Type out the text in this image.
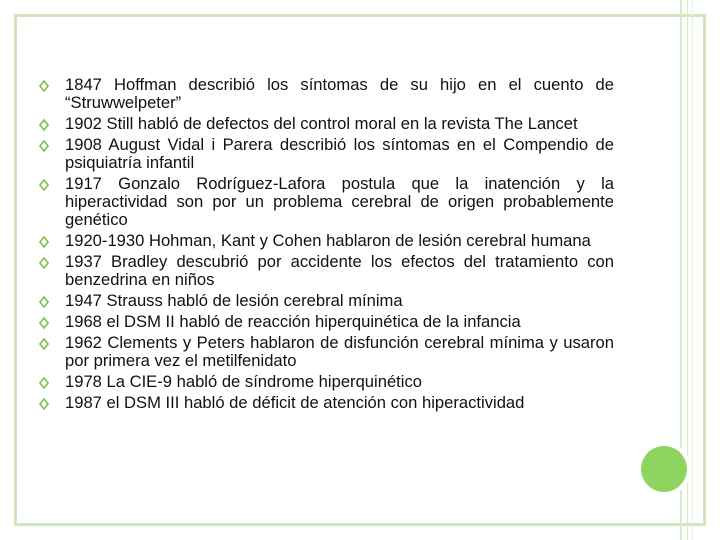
1847 Hoffman describió los síntomas de su hijo en el cuento de “Struwwelpeter”
1902 Still habló de defectos del control moral en la revista The Lancet
1908 August Vidal i Parera describió los síntomas en el Compendio de psiquiatría infantil
1917 Gonzalo Rodríguez-Lafora postula que la inatención y la hiperactividad son por un problema cerebral de origen probablemente genético
1920-1930 Hohman, Kant y Cohen hablaron de lesión cerebral humana
1937 Bradley descubrió por accidente los efectos del tratamiento con benzedrina en niños
1947 Strauss habló de lesión cerebral mínima
1968 el DSM II habló de reacción hiperquinética de la infancia
1962 Clements y Peters hablaron de disfunción cerebral mínima y usaron por primera vez el metilfenidato
1978 La CIE-9 habló de síndrome hiperquinético
1987 el DSM III habló de déficit de atención con hiperactividad
